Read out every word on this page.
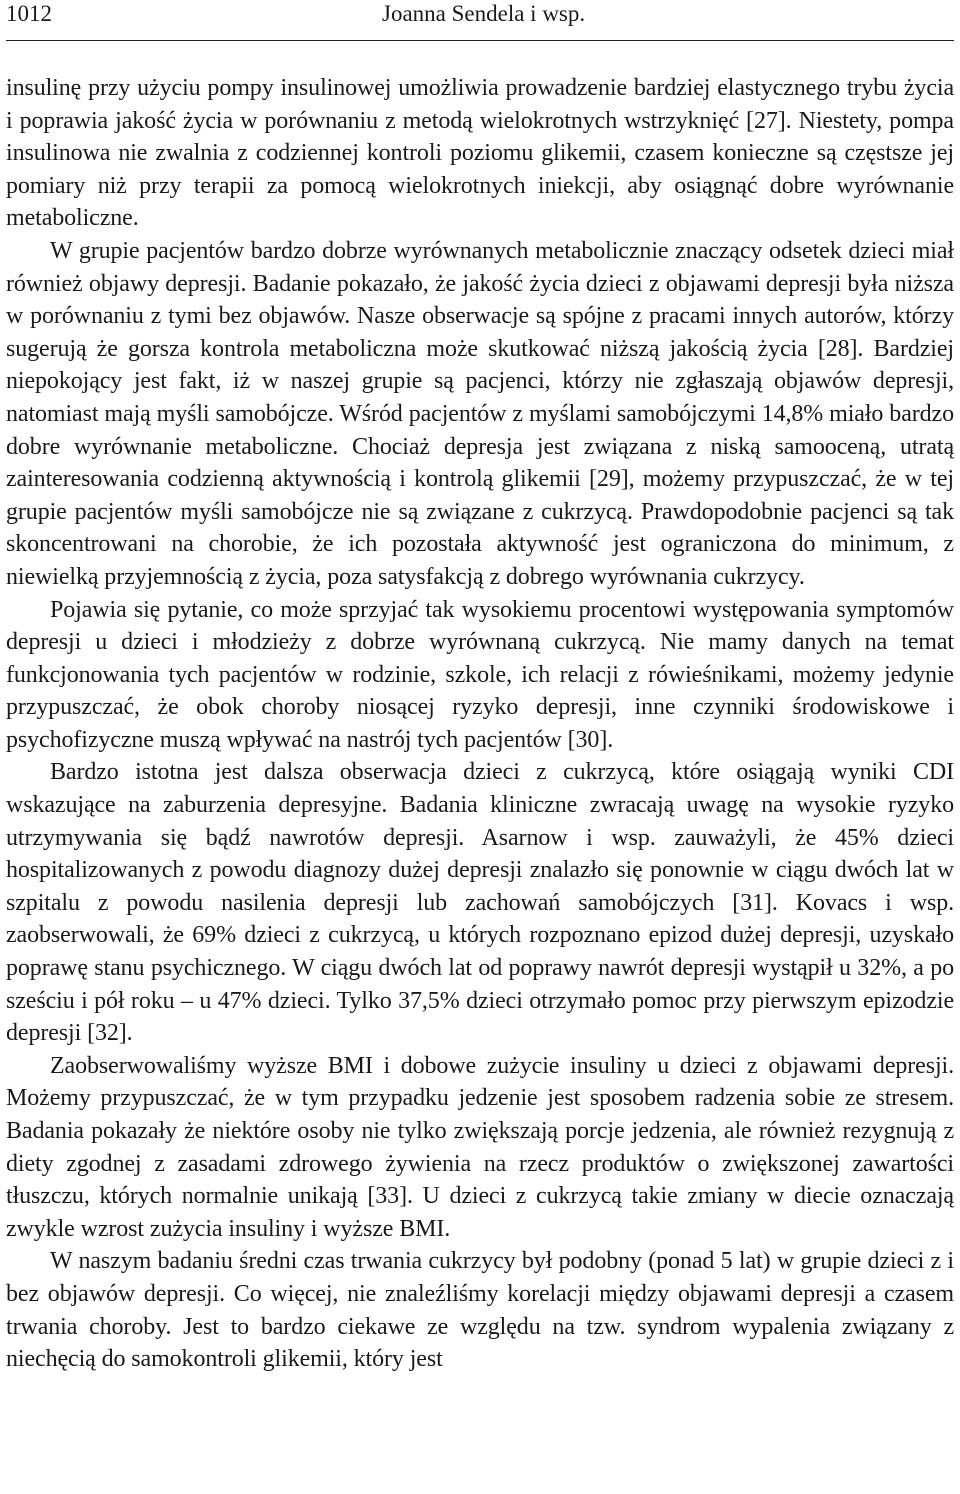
1012	Joanna Sendela i wsp.

insulinę przy użyciu pompy insulinowej umożliwia prowadzenie bardziej elastycznego trybu życia i poprawia jakość życia w porównaniu z metodą wielokrotnych wstrzyknięć [27]. Niestety, pompa insulinowa nie zwalnia z codziennej kontroli poziomu glikemii, czasem konieczne są częstsze jej pomiary niż przy terapii za pomocą wielokrotnych iniekcji, aby osiągnąć dobre wyrównanie metaboliczne.

W grupie pacjentów bardzo dobrze wyrównanych metabolicznie znaczący odsetek dzieci miał również objawy depresji. Badanie pokazało, że jakość życia dzieci z objawami depresji była niższa w porównaniu z tymi bez objawów. Nasze obserwacje są spójne z pracami innych autorów, którzy sugerują że gorsza kontrola metaboliczna może skutkować niższą jakością życia [28]. Bardziej niepokojący jest fakt, iż w naszej grupie są pacjenci, którzy nie zgłaszają objawów depresji, natomiast mają myśli samobójcze. Wśród pacjentów z myślami samobójczymi 14,8% miało bardzo dobre wyrównanie metaboliczne. Chociaż depresja jest związana z niską samooceną, utratą zainteresowania codzienną aktywnością i kontrolą glikemii [29], możemy przypuszczać, że w tej grupie pacjentów myśli samobójcze nie są związane z cukrzycą. Prawdopodobnie pacjenci są tak skoncentrowani na chorobie, że ich pozostała aktywność jest ograniczona do minimum, z niewielką przyjemnością z życia, poza satysfakcją z dobrego wyrównania cukrzycy.

Pojawia się pytanie, co może sprzyjać tak wysokiemu procentowi występowania symptomów depresji u dzieci i młodzieży z dobrze wyrównaną cukrzycą. Nie mamy danych na temat funkcjonowania tych pacjentów w rodzinie, szkole, ich relacji z rówieśnikami, możemy jedynie przypuszczać, że obok choroby niosącej ryzyko depresji, inne czynniki środowiskowe i psychofizyczne muszą wpływać na nastrój tych pacjentów [30].

Bardzo istotna jest dalsza obserwacja dzieci z cukrzycą, które osiągają wyniki CDI wskazujące na zaburzenia depresyjne. Badania kliniczne zwracają uwagę na wysokie ryzyko utrzymywania się bądź nawrotów depresji. Asarnow i wsp. zauważyli, że 45% dzieci hospitalizowanych z powodu diagnozy dużej depresji znalazło się ponownie w ciągu dwóch lat w szpitalu z powodu nasilenia depresji lub zachowań samobójczych [31]. Kovacs i wsp. zaobserwowali, że 69% dzieci z cukrzycą, u których rozpoznano epizod dużej depresji, uzyskało poprawę stanu psychicznego. W ciągu dwóch lat od poprawy nawrót depresji wystąpił u 32%, a po sześciu i pół roku – u 47% dzieci. Tylko 37,5% dzieci otrzymało pomoc przy pierwszym epizodzie depresji [32].

Zaobserwowaliśmy wyższe BMI i dobowe zużycie insuliny u dzieci z objawami depresji. Możemy przypuszczać, że w tym przypadku jedzenie jest sposobem radzenia sobie ze stresem. Badania pokazały że niektóre osoby nie tylko zwiększają porcje jedzenia, ale również rezygnują z diety zgodnej z zasadami zdrowego żywienia na rzecz produktów o zwiększonej zawartości tłuszczu, których normalnie unikają [33]. U dzieci z cukrzycą takie zmiany w diecie oznaczają zwykle wzrost zużycia insuliny i wyższe BMI.

W naszym badaniu średni czas trwania cukrzycy był podobny (ponad 5 lat) w grupie dzieci z i bez objawów depresji. Co więcej, nie znaleźliśmy korelacji między objawami depresji a czasem trwania choroby. Jest to bardzo ciekawe ze względu na tzw. syndrom wypalenia związany z niechęcią do samokontroli glikemii, który jest
